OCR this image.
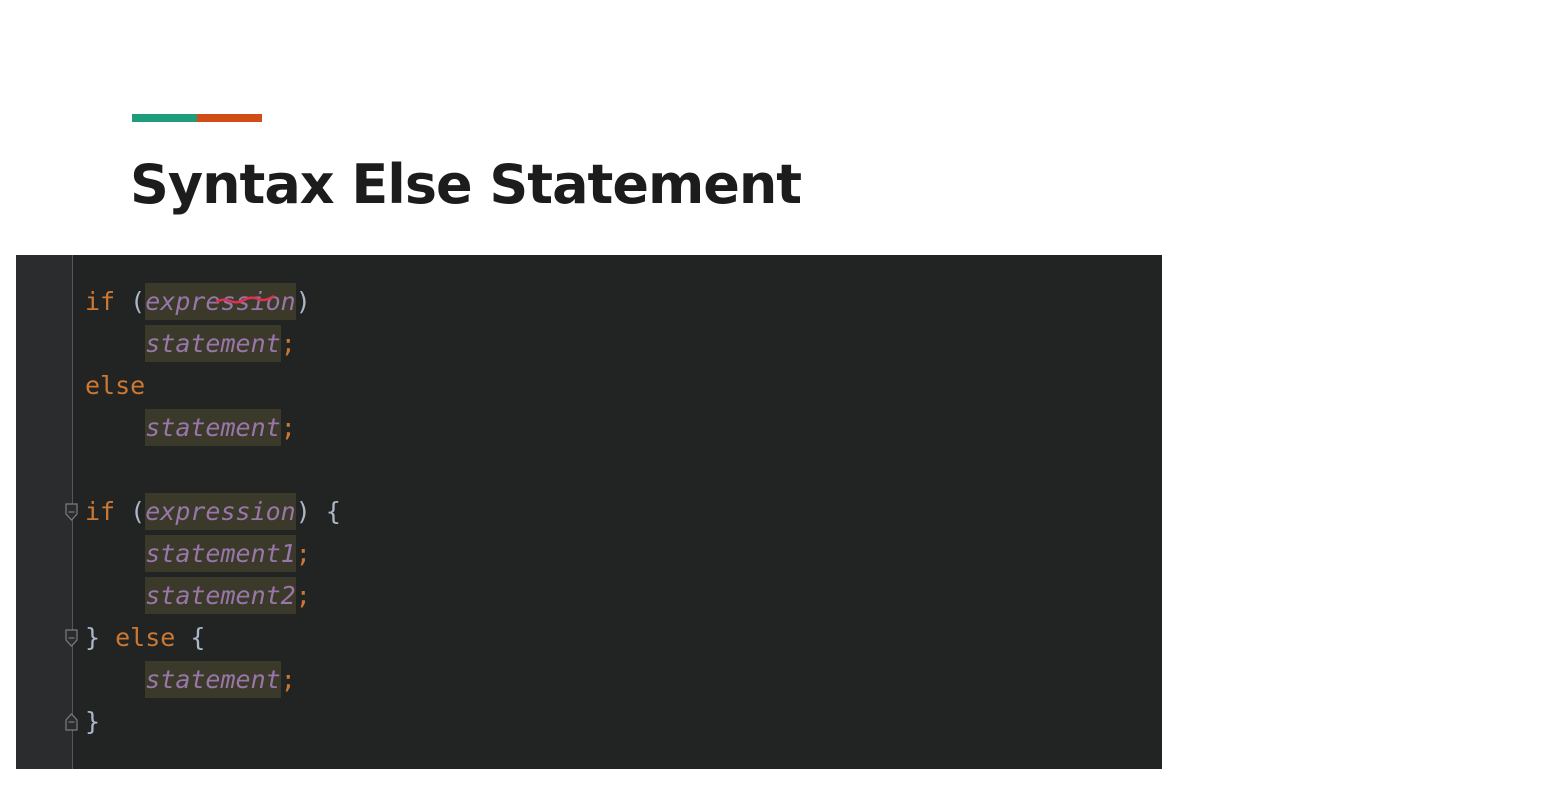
Syntax Else Statement
if (expression)
statement;
else
statement;

if (expression) {
statement1;
statement2;
} else {
statement;
}
